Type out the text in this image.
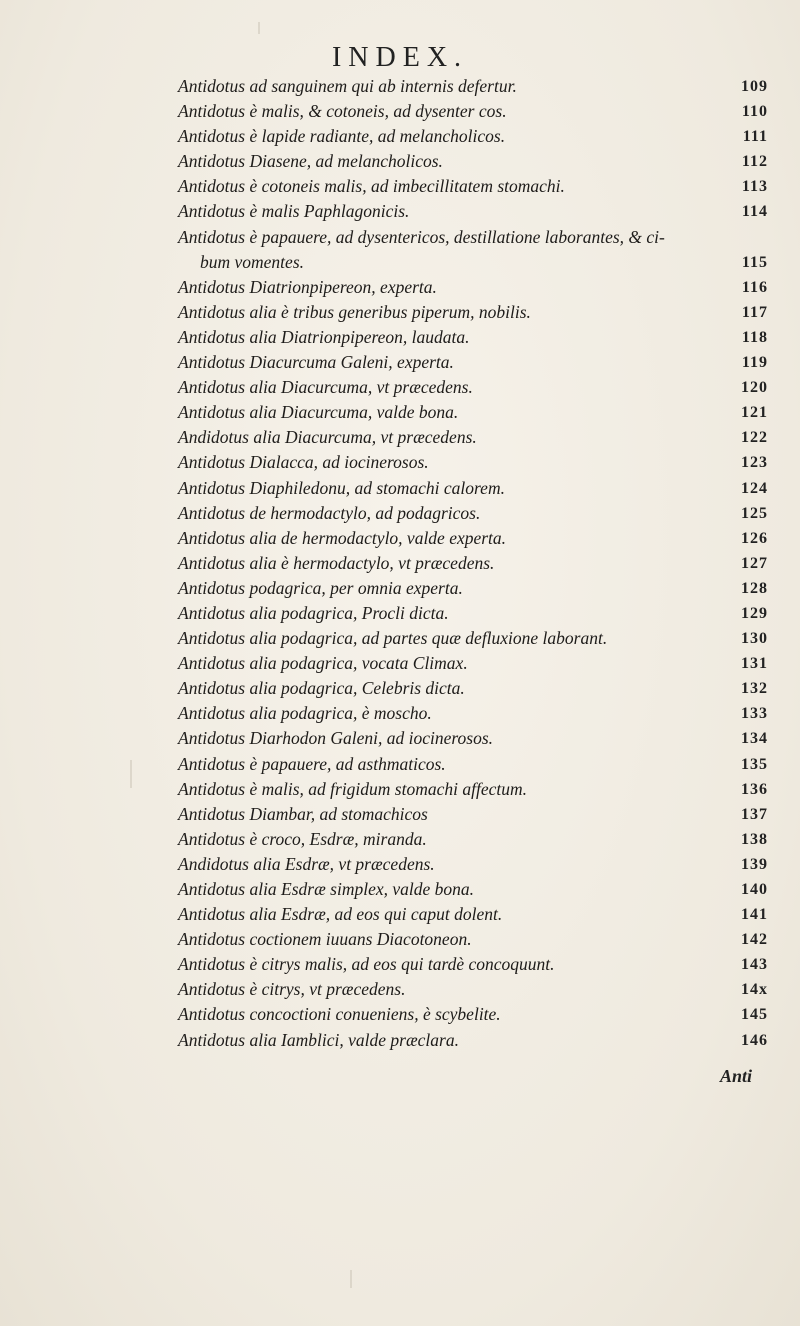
INDEX.
Antidotus ad sanguinem qui ab internis defertur.	109
Antidotus è malis, & cotoneis, ad dysenter cos.	110
Antidotus è lapide radiante, ad melancholicos.	111
Antidotus Diasene, ad melancholicos.	112
Antidotus è cotoneis malis, ad imbecillitatem stomachi.	113
Antidotus è malis Paphlagonicis.	114
Antidotus è papauere, ad dysentericos, destillatione laborantes, & ci-
bum vomentes.	115
Antidotus Diatrionpipereon, experta.	116
Antidotus alia è tribus generibus piperum, nobilis.	117
Antidotus alia Diatrionpipereon, laudata.	118
Antidotus Diacurcuma Galeni, experta.	119
Antidotus alia Diacurcuma, vt præcedens.	120
Antidotus alia Diacurcuma, valde bona.	121
Andidotus alia Diacurcuma, vt præcedens.	122
Antidotus Dialacca, ad iocinerosos.	123
Antidotus Diaphiledonu, ad stomachi calorem.	124
Antidotus de hermodactylo, ad podagricos.	125
Antidotus alia de hermodactylo, valde experta.	126
Antidotus alia è hermodactylo, vt præcedens.	127
Antidotus podagrica, per omnia experta.	128
Antidotus alia podagrica, Procli dicta.	129
Antidotus alia podagrica, ad partes quæ defluxione laborant.	130
Antidotus alia podagrica, vocata Climax.	131
Antidotus alia podagrica, Celebris dicta.	132
Antidotus alia podagrica, è moscho.	133
Antidotus Diarhodon Galeni, ad iocinerosos.	134
Antidotus è papauere, ad asthmaticos.	135
Antidotus è malis, ad frigidum stomachi affectum.	136
Antidotus Diambar, ad stomachicos	137
Antidotus è croco, Esdræ, miranda.	138
Andidotus alia Esdræ, vt præcedens.	139
Antidotus alia Esdræ simplex, valde bona.	140
Antidotus alia Esdræ, ad eos qui caput dolent.	141
Antidotus coctionem iuuans Diacotoneon.	142
Antidotus è citrys malis, ad eos qui tardè concoquunt.	143
Antidotus è citrys, vt præcedens.	14x
Antidotus concoctioni conueniens, è scybelite.	145
Antidotus alia Iamblici, valde præclara.	146
Anti
